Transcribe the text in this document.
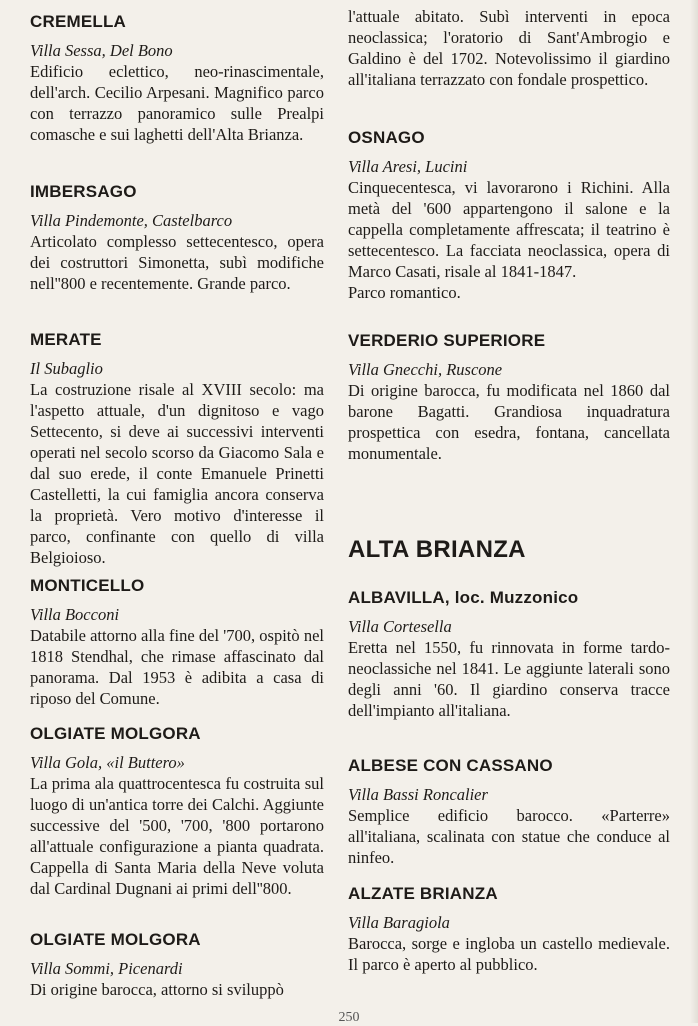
CREMELLA

Villa Sessa, Del Bono

Edificio eclettico, neo-rinascimentale, dell'arch. Cecilio Arpesani. Magnifico parco con terrazzo panoramico sulle Prealpi comasche e sui laghetti dell'Alta Brianza.

IMBERSAGO

Villa Pindemonte, Castelbarco

Articolato complesso settecentesco, opera dei costruttori Simonetta, subì modifiche nell''800 e recentemente. Grande parco.

MERATE

Il Subaglio

La costruzione risale al XVIII secolo: ma l'aspetto attuale, d'un dignitoso e vago Settecento, si deve ai successivi interventi operati nel secolo scorso da Giacomo Sala e dal suo erede, il conte Emanuele Prinetti Castelletti, la cui famiglia ancora conserva la proprietà. Vero motivo d'interesse il parco, confinante con quello di villa Belgioioso.

MONTICELLO

Villa Bocconi

Databile attorno alla fine del '700, ospitò nel 1818 Stendhal, che rimase affascinato dal panorama. Dal 1953 è adibita a casa di riposo del Comune.

OLGIATE MOLGORA

Villa Gola, «il Buttero»

La prima ala quattrocentesca fu costruita sul luogo di un'antica torre dei Calchi. Aggiunte successive del '500, '700, '800 portarono all'attuale configurazione a pianta quadrata. Cappella di Santa Maria della Neve voluta dal Cardinal Dugnani ai primi dell''800.

OLGIATE MOLGORA

Villa Sommi, Picenardi

Di origine barocca, attorno si sviluppò

l'attuale abitato. Subì interventi in epoca neoclassica; l'oratorio di Sant'Ambrogio e Galdino è del 1702. Notevolissimo il giardino all'italiana terrazzato con fondale prospettico.

OSNAGO

Villa Aresi, Lucini

Cinquecentesca, vi lavorarono i Richini. Alla metà del '600 appartengono il salone e la cappella completamente affrescata; il teatrino è settecentesco. La facciata neoclassica, opera di Marco Casati, risale al 1841-1847.

Parco romantico.

VERDERIO SUPERIORE

Villa Gnecchi, Ruscone

Di origine barocca, fu modificata nel 1860 dal barone Bagatti. Grandiosa inquadratura prospettica con esedra, fontana, cancellata monumentale.

ALTA BRIANZA
ALBAVILLA, loc. Muzzonico

Villa Cortesella

Eretta nel 1550, fu rinnovata in forme tardo-neoclassiche nel 1841. Le aggiunte laterali sono degli anni '60. Il giardino conserva tracce dell'impianto all'italiana.

ALBESE CON CASSANO

Villa Bassi Roncalier

Semplice edificio barocco. «Parterre» all'italiana, scalinata con statue che conduce al ninfeo.

ALZATE BRIANZA

Villa Baragiola

Barocca, sorge e ingloba un castello medievale. Il parco è aperto al pubblico.

250
